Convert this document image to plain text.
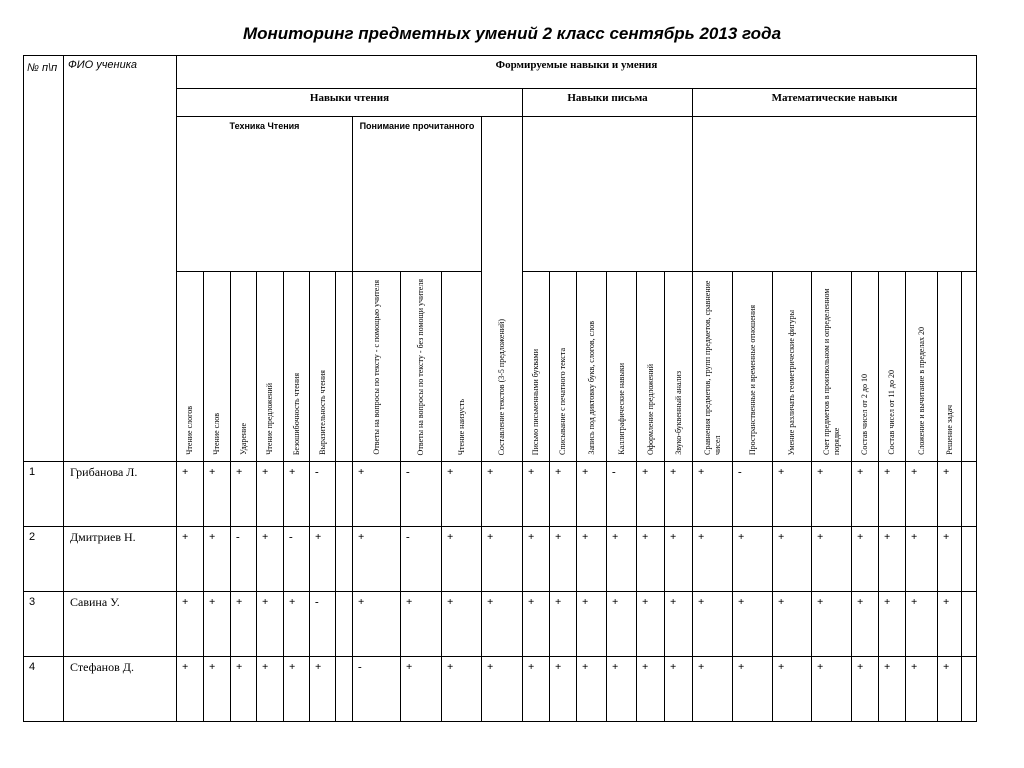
Мониторинг предметных умений 2 класс сентябрь 2013 года
№ п\п	ФИО ученика	Формируемые навыки и умения																									
		Навыки чтения											Навыки письма						Математические навыки								
		Техника Чтения							Понимание прочитанного			Составление текстов (3-5 предложений)															

		Чтение слогов	Чтение слов	Ударение	Чтение предложений	Безошибочность чтения	Выразительность чтения		Ответы на вопросы по тексту - с помощью учителя	Ответы на вопросы по тексту - без помощи учителя	Чтение наизусть		Письмо письменными буквами	Списывание с печатного текста	Запись под диктовку букв, слогов, слов	Каллиграфические навыки	Оформление предложений	Звуко-буквенный анализ	Сравнения предметов, групп предметов, сравнение чисел	Пространственные и временные отношения	Умение различать геометрические фигуры	Счет предметов в произвольном и определенном порядке	Состав чисел от 2 до 10	Состав чисел от 11 до 20	Сложение и вычитание в пределах 20	Решение задач	

1	Грибанова Л.	+	+	+	+	+	-		+	-	+	+	+	+	+	-	+	+	+	-	+	+	+	+	+	+	
2	Дмитриев Н.	+	+	-	+	-	+		+	-	+	+	+	+	+	+	+	+	+	+	+	+	+	+	+	+	
3	Савина У.	+	+	+	+	+	-		+	+	+	+	+	+	+	+	+	+	+	+	+	+	+	+	+	+	
4	Стефанов Д.	+	+	+	+	+	+		-	+	+	+	+	+	+	+	+	+	+	+	+	+	+	+	+	+	
